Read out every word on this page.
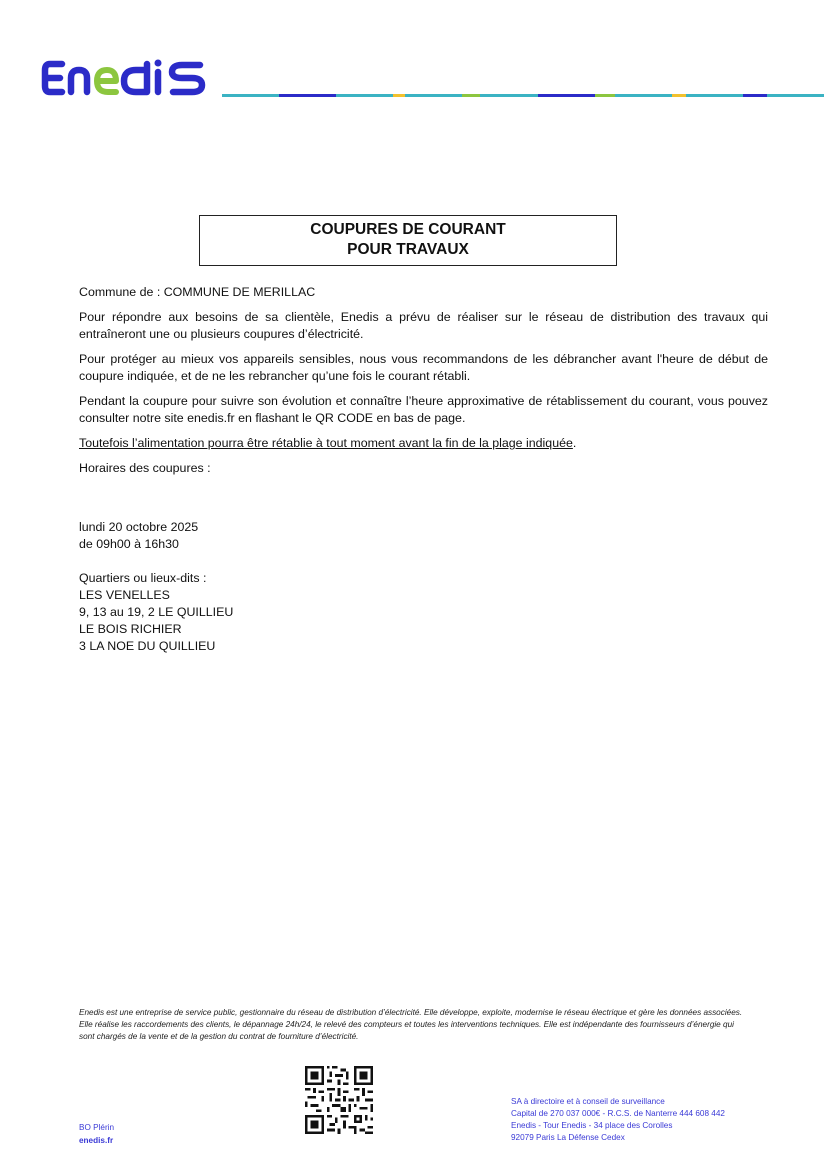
COUPURES DE COURANT
POUR TRAVAUX

Commune de : COMMUNE DE MERILLAC

Pour répondre aux besoins de sa clientèle, Enedis a prévu de réaliser sur le réseau de distribution des travaux qui entraîneront une ou plusieurs coupures d’électricité.

Pour protéger au mieux vos appareils sensibles, nous vous recommandons de les débrancher avant l'heure de début de coupure indiquée, et de ne les rebrancher qu’une fois le courant rétabli.

Pendant la coupure pour suivre son évolution et connaître l’heure approximative de rétablissement du courant, vous pouvez consulter notre site enedis.fr en flashant le QR CODE en bas de page.

Toutefois l’alimentation pourra être rétablie à tout moment avant la fin de la plage indiquée.

Horaires des coupures :

lundi 20 octobre 2025
de 09h00 à 16h30
Quartiers ou lieux-dits :
LES VENELLES
9, 13 au 19, 2 LE QUILLIEU
LE BOIS RICHIER
3 LA NOE DU QUILLIEU
Enedis est une entreprise de service public, gestionnaire du réseau de distribution d’électricité. Elle développe, exploite, modernise le réseau électrique et gère les données associées. Elle réalise les raccordements des clients, le dépannage 24h/24, le relevé des compteurs et toutes les interventions techniques. Elle est indépendante des fournisseurs d’énergie qui sont chargés de la vente et de la gestion du contrat de fourniture d’électricité.
BO Plérin
enedis.fr
SA à directoire et à conseil de surveillance
Capital de 270 037 000€ - R.C.S. de Nanterre 444 608 442
Enedis - Tour Enedis - 34 place des Corolles
92079 Paris La Défense Cedex
